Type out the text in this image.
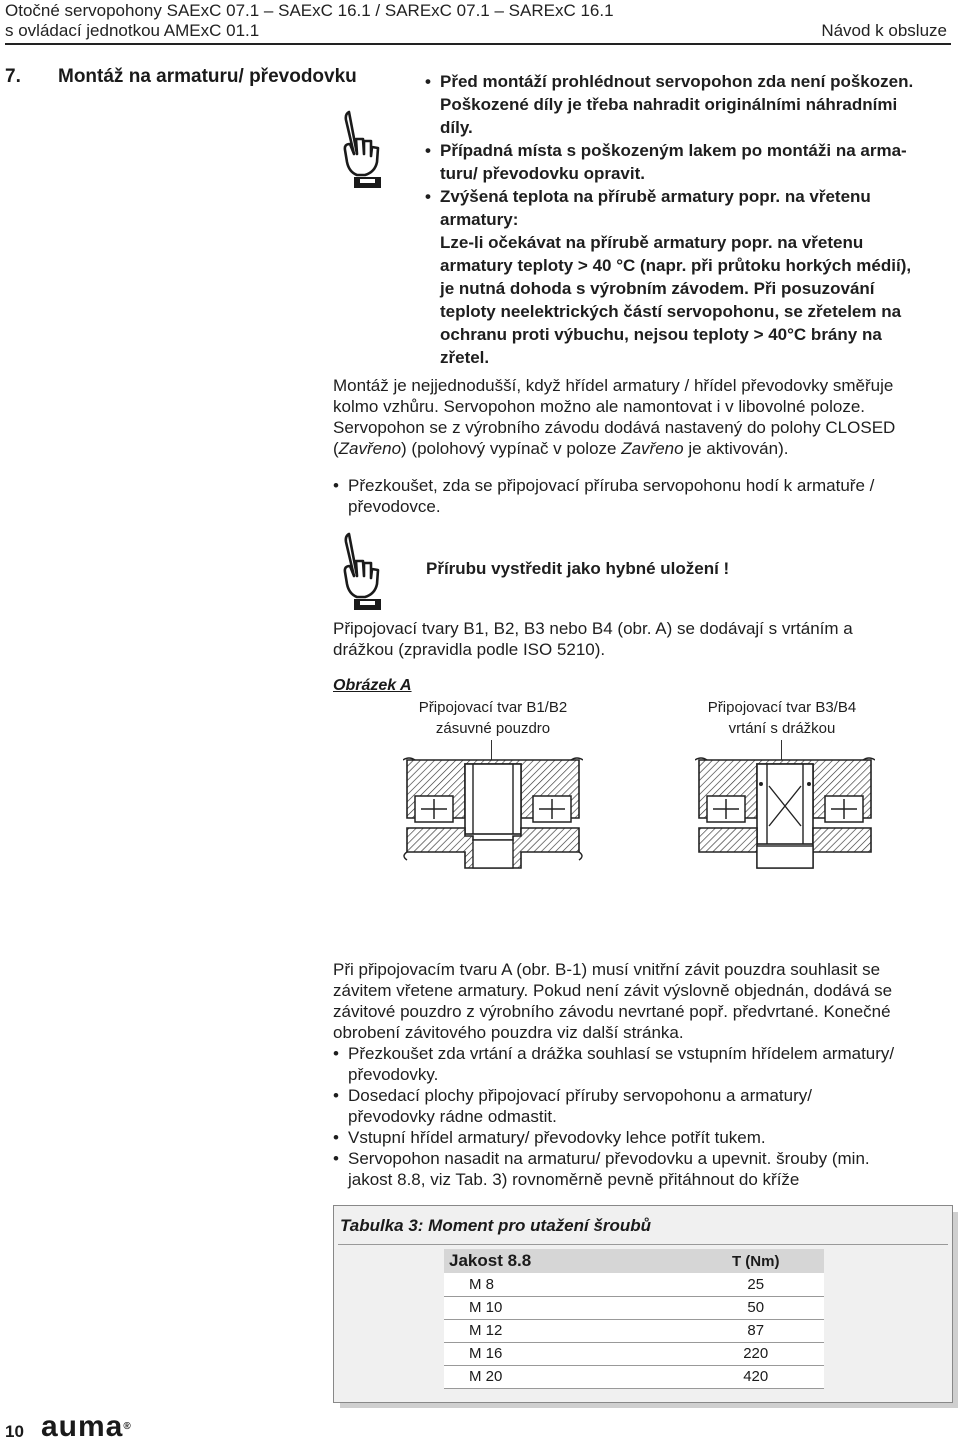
Otočné servopohony SAExC 07.1 – SAExC 16.1 / SARExC 07.1 – SARExC 16.1
s ovládací jednotkou AMExC 01.1	Návod k obsluze
7. Montáž na armaturu/ převodovku	• Před montáží prohlédnout servopohon zda není poškozen.
Poškozené díly je třeba nahradit originálními náhradními
díly.
• Případná místa s poškozeným lakem po montáži na arma-
turu/ převodovku opravit.
• Zvýšená teplota na přírubě armatury popr. na vřetenu
armatury:
Lze-li očekávat na přírubě armatury popr. na vřetenu
armatury teploty > 40 °C (napr. při průtoku horkých médií),
je nutná dohoda s výrobním závodem. Při posuzování
teploty neelektrických částí servopohonu, se zřetelem na
ochranu proti výbuchu, nejsou teploty > 40°C brány na
zřetel.
Montáž je nejjednodušší, když hřídel armatury / hřídel převodovky směřuje
kolmo vzhůru. Servopohon možno ale namontovat i v libovolné poloze.
Servopohon se z výrobního závodu dodává nastavený do polohy CLOSED
(Zavřeno) (polohový vypínač v poloze Zavřeno je aktivován).
• Přezkoušet, zda se připojovací příruba servopohonu hodí k armatuře /
převodovce.
Přírubu vystředit jako hybné uložení !
Připojovací tvary B1, B2, B3 nebo B4 (obr. A) se dodávají s vrtáním a
drážkou (zpravidla podle ISO 5210).
Obrázek A
Připojovací tvar B1/B2
zásuvné pouzdro
Připojovací tvar B3/B4
vrtání s drážkou
Při připojovacím tvaru A (obr. B-1) musí vnitřní závit pouzdra souhlasit se
závitem vřetene armatury. Pokud není závit výslovně objednán, dodává se
závitové pouzdro z výrobního závodu nevrtané popř. předvrtané. Konečné
obrobení závitového pouzdra viz další stránka.
• Přezkoušet zda vrtání a drážka souhlasí se vstupním hřídelem armatury/
převodovky.
• Dosedací plochy připojovací příruby servopohonu a armatury/
převodovky rádne odmastit.
• Vstupní hřídel armatury/ převodovky lehce potřít tukem.
• Servopohon nasadit na armaturu/ převodovku a upevnit. šrouby (min.
jakost 8.8, viz Tab. 3) rovnoměrně pevně přitáhnout do kříže
Tabulka 3: Moment pro utažení šroubů
Jakost 8.8	T (Nm)
M 8	25
M 10	50
M 12	87
M 16	220
M 20	420
10 auma®
